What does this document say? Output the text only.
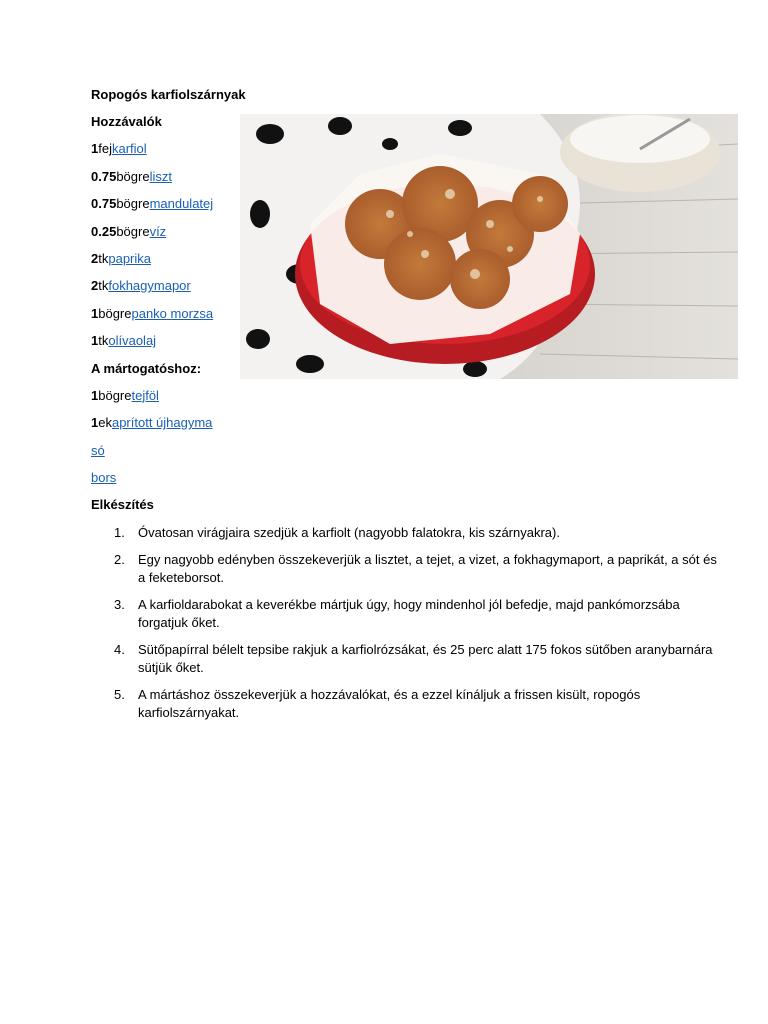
Ropogós karfiolszárnyak
Hozzávalók
1fejkarfiol
0.75bögreliszt
0.75bögremandulatej
0.25bögrevíz
2tkpaprika
2tkfokhagymapor
1bögrepanko morzsa
1tkolívaolaj
A mártogatóshoz:
1bögretejföl
1ekaprított újhagyma
só
bors
Elkészítés
1. Óvatosan virágjaira szedjük a karfiolt (nagyobb falatokra, kis szárnyakra).
2. Egy nagyobb edényben összekeverjük a lisztet, a tejet, a vizet, a fokhagymaport, a paprikát, a sót és a feketeborsot.
3. A karfioldarabokat a keverékbe mártjuk úgy, hogy mindenhol jól befedje, majd pankómorzsába forgatjuk őket.
4. Sütőpapírral bélelt tepsibe rakjuk a karfiolrózsákat, és 25 perc alatt 175 fokos sütőben aranybarnára sütjük őket.
5. A mártáshoz összekeverjük a hozzávalókat, és a ezzel kínáljuk a frissen kisült, ropogós karfiolszárnyakat.
